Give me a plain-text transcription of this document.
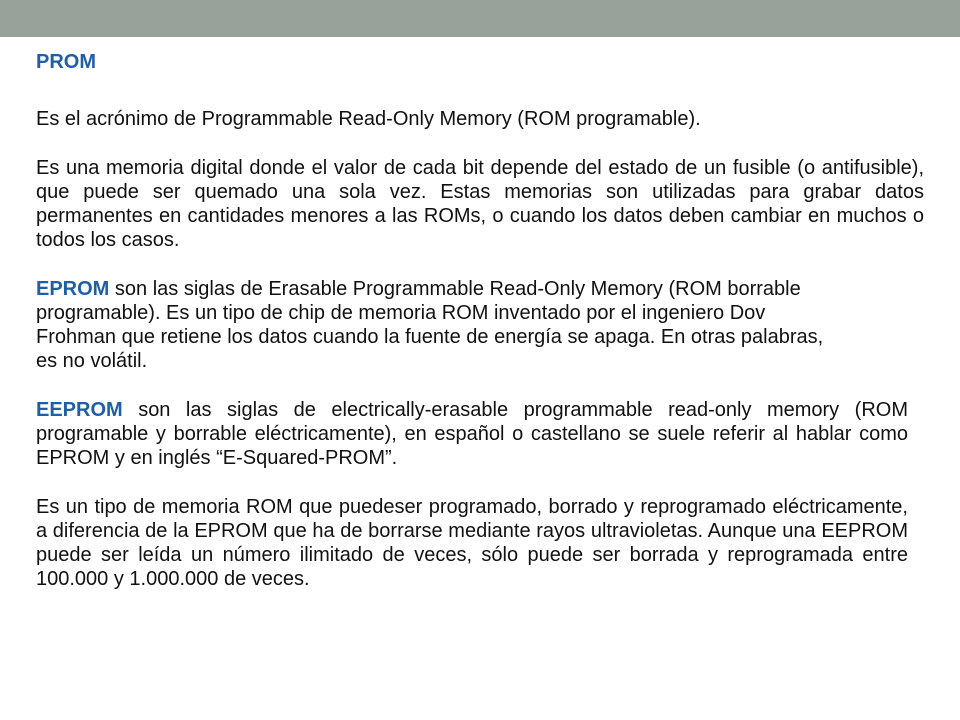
PROM

Es el acrónimo de Programmable Read-Only Memory (ROM programable).

Es una memoria digital donde el valor de cada bit depende del estado de un fusible (o antifusible), que puede ser quemado una sola vez. Estas memorias son utilizadas para grabar datos permanentes en cantidades menores a las ROMs, o cuando los datos deben cambiar en muchos o todos los casos.

EPROM son las siglas de Erasable Programmable Read-Only Memory (ROM borrable programable). Es un tipo de chip de memoria ROM inventado por el ingeniero Dov Frohman que retiene los datos cuando la fuente de energía se apaga. En otras palabras, es no volátil.

EEPROM son las siglas de electrically-erasable programmable read-only memory (ROM programable y borrable eléctricamente), en español o castellano se suele referir al hablar como EPROM y en inglés “E-Squared-PROM”.

Es un tipo de memoria ROM que puedeser programado, borrado y reprogramado eléctricamente, a diferencia de la EPROM que ha de borrarse mediante rayos ultravioletas. Aunque una EEPROM puede ser leída un número ilimitado de veces, sólo puede ser borrada y reprogramada entre 100.000 y 1.000.000 de veces.
